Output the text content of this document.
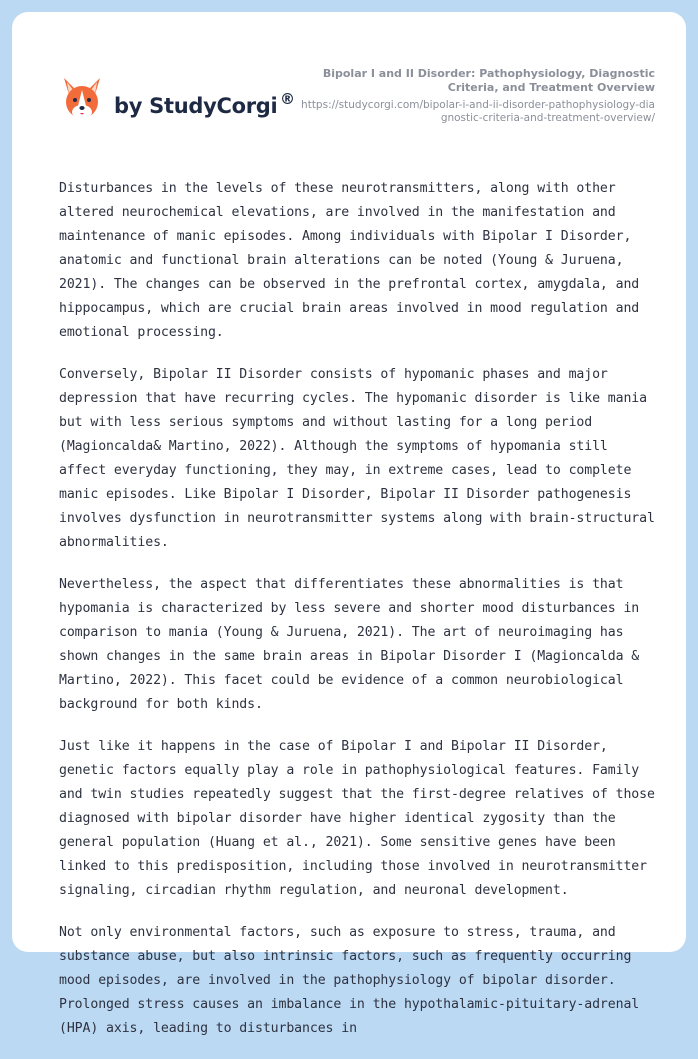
by StudyCorgi ®

Bipolar I and II Disorder: Pathophysiology, Diagnostic Criteria, and Treatment Overview

https://studycorgi.com/bipolar-i-and-ii-disorder-pathophysiology-diagnostic-criteria-and-treatment-overview/

Disturbances in the levels of these neurotransmitters, along with other altered neurochemical elevations, are involved in the manifestation and maintenance of manic episodes. Among individuals with Bipolar I Disorder, anatomic and functional brain alterations can be noted (Young & Juruena, 2021). The changes can be observed in the prefrontal cortex, amygdala, and hippocampus, which are crucial brain areas involved in mood regulation and emotional processing.

Conversely, Bipolar II Disorder consists of hypomanic phases and major depression that have recurring cycles. The hypomanic disorder is like mania but with less serious symptoms and without lasting for a long period (Magioncalda& Martino, 2022). Although the symptoms of hypomania still affect everyday functioning, they may, in extreme cases, lead to complete manic episodes. Like Bipolar I Disorder, Bipolar II Disorder pathogenesis involves dysfunction in neurotransmitter systems along with brain-structural abnormalities.

Nevertheless, the aspect that differentiates these abnormalities is that hypomania is characterized by less severe and shorter mood disturbances in comparison to mania (Young & Juruena, 2021). The art of neuroimaging has shown changes in the same brain areas in Bipolar Disorder I (Magioncalda & Martino, 2022). This facet could be evidence of a common neurobiological background for both kinds.

Just like it happens in the case of Bipolar I and Bipolar II Disorder, genetic factors equally play a role in pathophysiological features. Family and twin studies repeatedly suggest that the first-degree relatives of those diagnosed with bipolar disorder have higher identical zygosity than the general population (Huang et al., 2021). Some sensitive genes have been linked to this predisposition, including those involved in neurotransmitter signaling, circadian rhythm regulation, and neuronal development.

Not only environmental factors, such as exposure to stress, trauma, and substance abuse, but also intrinsic factors, such as frequently occurring mood episodes, are involved in the pathophysiology of bipolar disorder. Prolonged stress causes an imbalance in the hypothalamic-pituitary-adrenal (HPA) axis, leading to disturbances in
